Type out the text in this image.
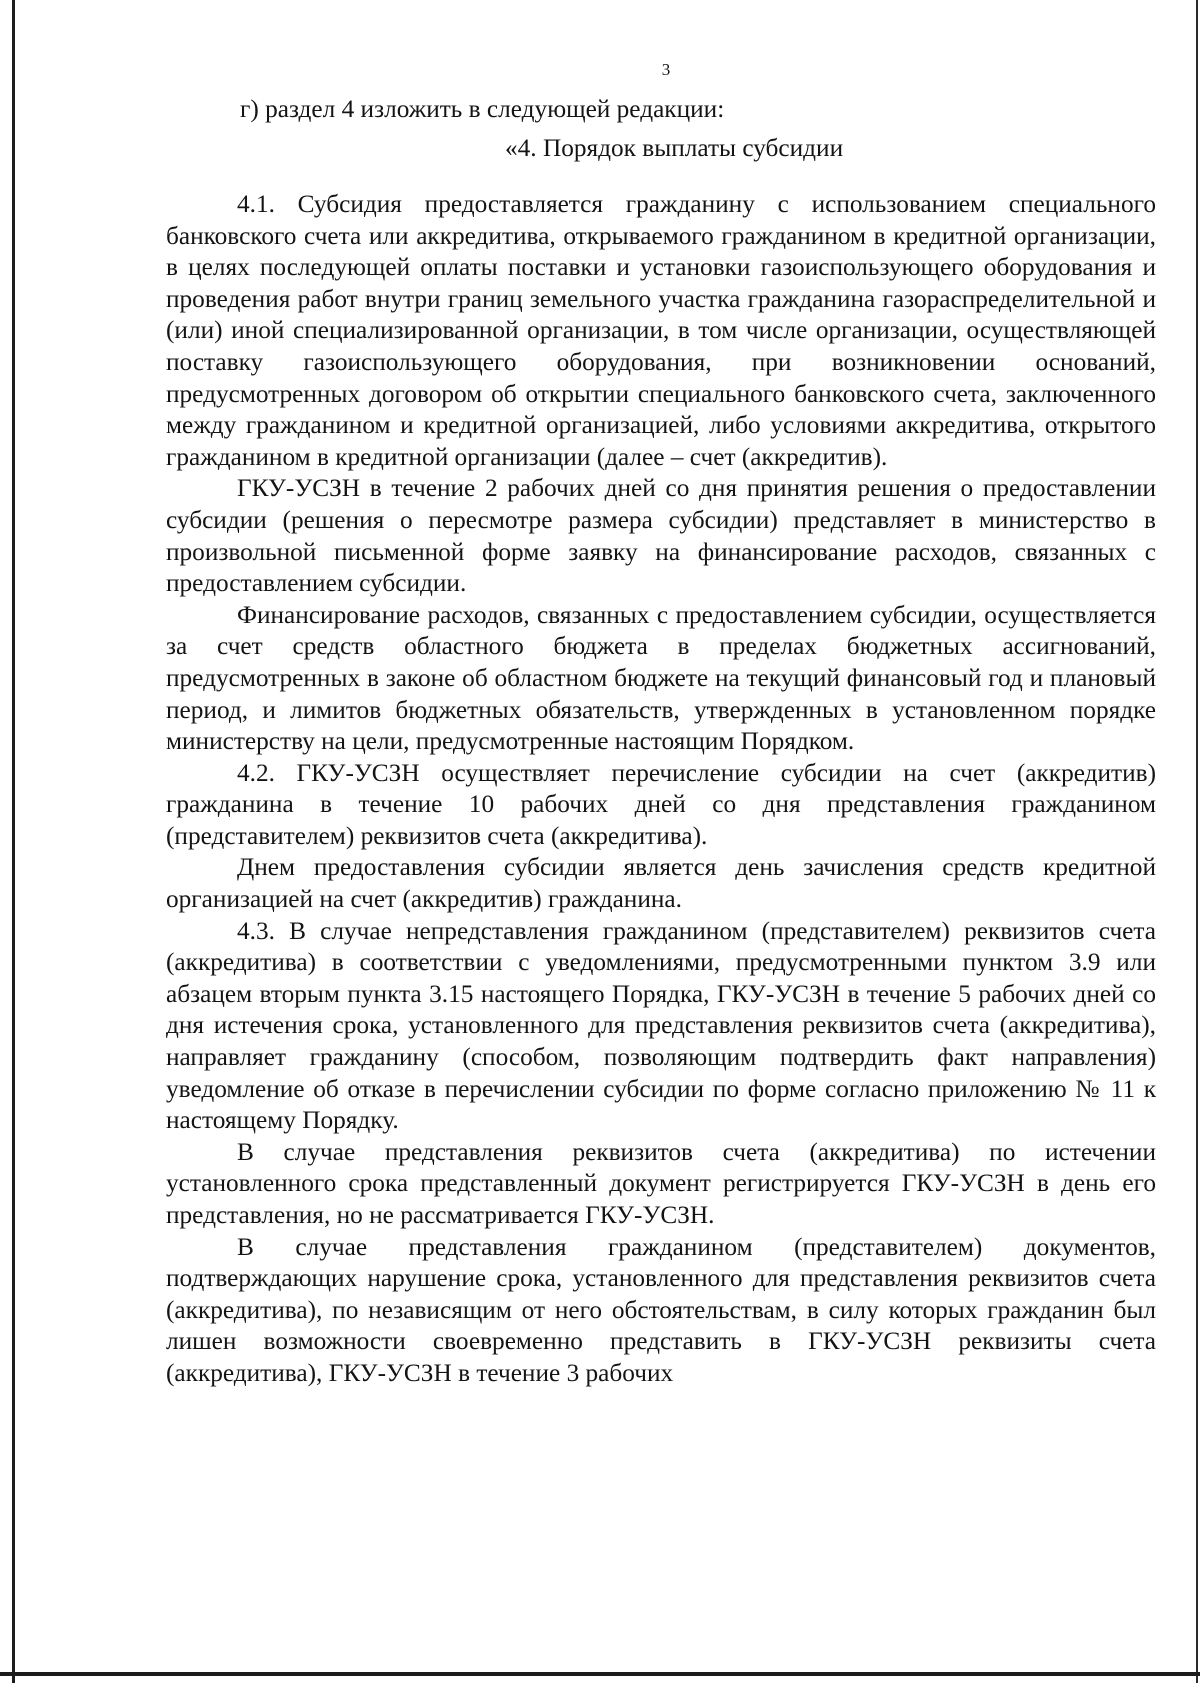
3
г) раздел 4 изложить в следующей редакции:
«4. Порядок выплаты субсидии

4.1. Субсидия предоставляется гражданину с использованием специального банковского счета или аккредитива, открываемого гражданином в кредитной организации, в целях последующей оплаты поставки и установки газоиспользующего оборудования и проведения работ внутри границ земельного участка гражданина газораспределительной и (или) иной специализированной организации, в том числе организации, осуществляющей поставку газоиспользующего оборудования, при возникновении оснований, предусмотренных договором об открытии специального банковского счета, заключенного между гражданином и кредитной организацией, либо условиями аккредитива, открытого гражданином в кредитной организации (далее – счет (аккредитив).

ГКУ-УСЗН в течение 2 рабочих дней со дня принятия решения о предоставлении субсидии (решения о пересмотре размера субсидии) представляет в министерство в произвольной письменной форме заявку на финансирование расходов, связанных с предоставлением субсидии.

Финансирование расходов, связанных с предоставлением субсидии, осуществляется за счет средств областного бюджета в пределах бюджетных ассигнований, предусмотренных в законе об областном бюджете на текущий финансовый год и плановый период, и лимитов бюджетных обязательств, утвержденных в установленном порядке министерству на цели, предусмотренные настоящим Порядком.

4.2. ГКУ-УСЗН осуществляет перечисление субсидии на счет (аккредитив) гражданина в течение 10 рабочих дней со дня представления гражданином (представителем) реквизитов счета (аккредитива).

Днем предоставления субсидии является день зачисления средств кредитной организацией на счет (аккредитив) гражданина.

4.3. В случае непредставления гражданином (представителем) реквизитов счета (аккредитива) в соответствии с уведомлениями, предусмотренными пунктом 3.9 или абзацем вторым пункта 3.15 настоящего Порядка, ГКУ-УСЗН в течение 5 рабочих дней со дня истечения срока, установленного для представления реквизитов счета (аккредитива), направляет гражданину (способом, позволяющим подтвердить факт направления) уведомление об отказе в перечислении субсидии по форме согласно приложению № 11 к настоящему Порядку.

В случае представления реквизитов счета (аккредитива) по истечении установленного срока представленный документ регистрируется ГКУ-УСЗН в день его представления, но не рассматривается ГКУ-УСЗН.

В случае представления гражданином (представителем) документов, подтверждающих нарушение срока, установленного для представления реквизитов счета (аккредитива), по независящим от него обстоятельствам, в силу которых гражданин был лишен возможности своевременно представить в ГКУ-УСЗН реквизиты счета (аккредитива), ГКУ-УСЗН в течение 3 рабочих
